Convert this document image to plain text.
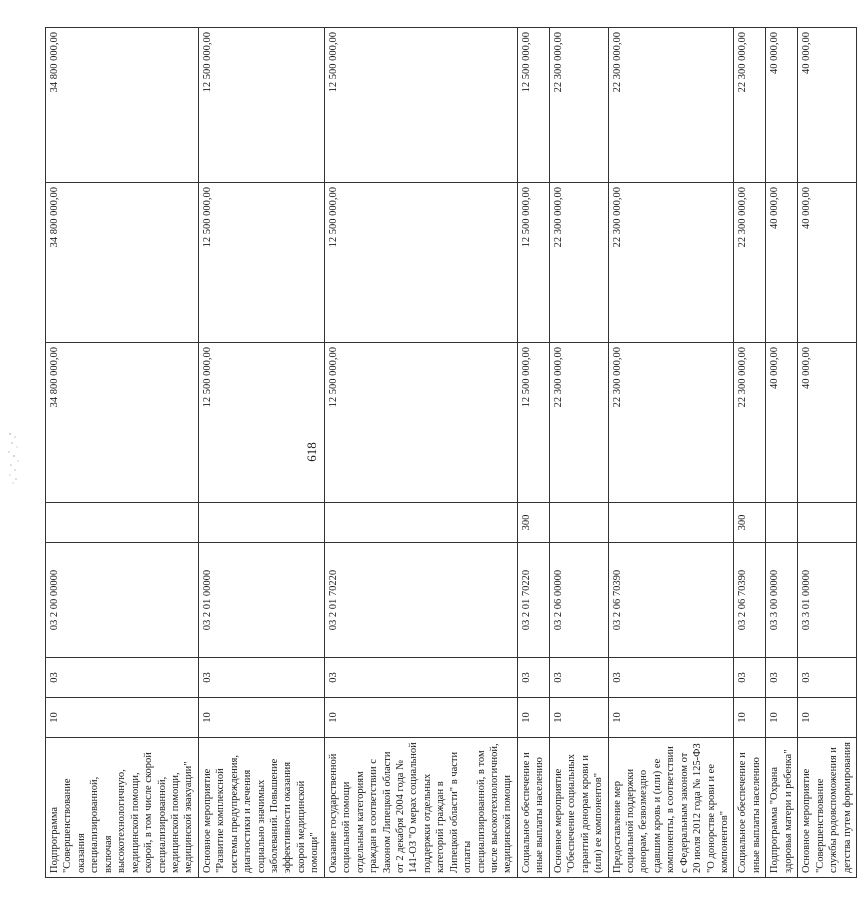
618
Подпрограмма "Совершенствование оказания специализированной, включая высокотехнологичную, медицинской помощи, скорой, в том числе скорой специализированной, медицинской помощи, медицинской эвакуации"	10	03	03 2 00 00000		34 800 000,00	34 800 000,00	34 800 000,00
Основное мероприятие "Развитие комплексной системы предупреждения, диагностики и лечения социально значимых заболеваний. Повышение эффективности оказания скорой медицинской помощи"	10	03	03 2 01 00000		12 500 000,00	12 500 000,00	12 500 000,00
Оказание государственной социальной помощи отдельным категориям граждан в соответствии с Законом Липецкой области от 2 декабря 2004 года № 141-ОЗ "О мерах социальной поддержки отдельных категорий граждан в Липецкой области" в части оплаты специализированной, в том числе высокотехнологичной, медицинской помощи	10	03	03 2 01 70220		12 500 000,00	12 500 000,00	12 500 000,00
Социальное обеспечение и иные выплаты населению	10	03	03 2 01 70220	300	12 500 000,00	12 500 000,00	12 500 000,00
Основное мероприятие "Обеспечение социальных гарантий донорам крови и (или) ее компонентов"	10	03	03 2 06 00000		22 300 000,00	22 300 000,00	22 300 000,00
Предоставление мер социальной поддержки донорам, безвозмездно сдавшим кровь и (или) ее компоненты, в соответствии с Федеральным законом от 20 июля 2012 года № 125-ФЗ "О донорстве крови и ее компонентов"	10	03	03 2 06 70390		22 300 000,00	22 300 000,00	22 300 000,00
Социальное обеспечение и иные выплаты населению	10	03	03 2 06 70390	300	22 300 000,00	22 300 000,00	22 300 000,00
Подпрограмма "Охрана здоровья матери и ребенка"	10	03	03 3 00 00000		40 000,00	40 000,00	40 000,00
Основное мероприятие "Совершенствование службы родовспоможения и детства путем формирования	10	03	03 3 01 00000		40 000,00	40 000,00	40 000,00
